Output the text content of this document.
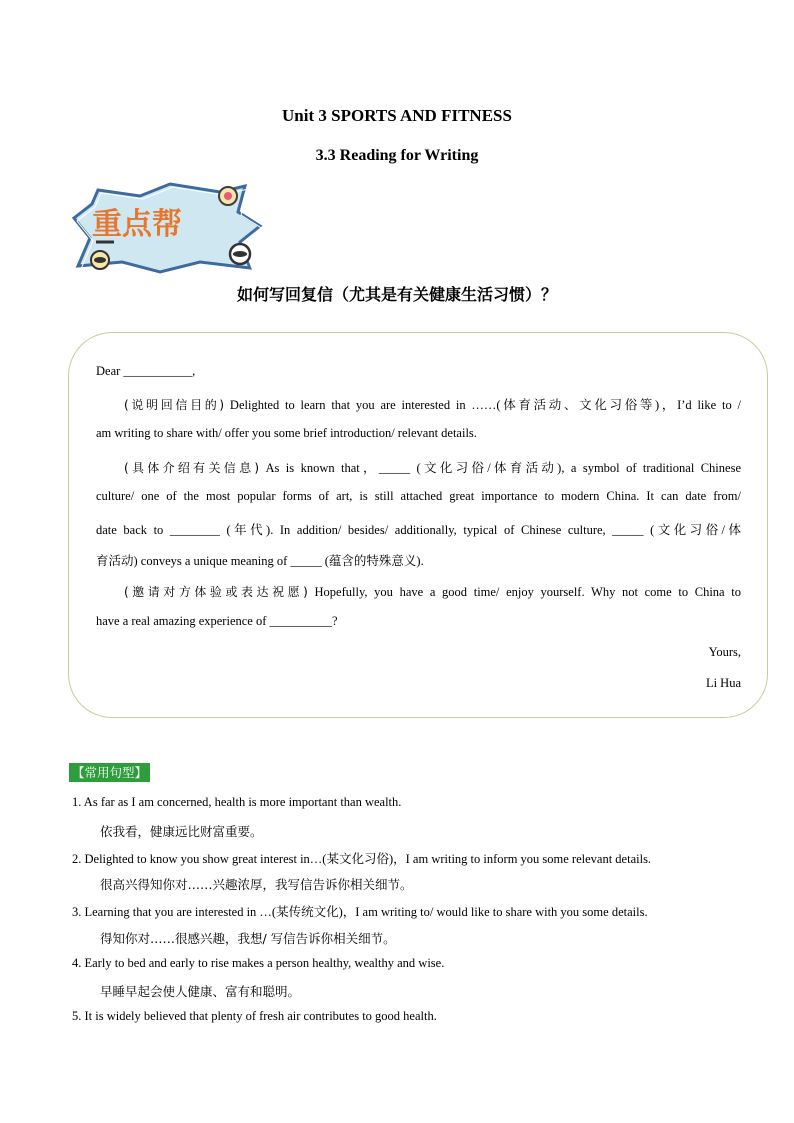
Unit 3 SPORTS AND FITNESS
3.3 Reading for Writing
重点帮
如何写回复信（尤其是有关健康生活习惯）？
Dear ___________,
(说明回信目的) Delighted to learn that you are interested in ……(体育活动、文化习俗等)，I’d like to /
am writing to share with/ offer you some brief introduction/ relevant details.
(具体介绍有关信息) As is known that，_____ (文化习俗/体育活动), a symbol of traditional Chinese
culture/ one of the most popular forms of art, is still attached great importance to modern China. It can date from/
date back to ________ (年代). In addition/ besides/ additionally, typical of Chinese culture, _____ (文化习俗/体
育活动) conveys a unique meaning of _____ (蕴含的特殊意义).
(邀请对方体验或表达祝愿) Hopefully, you have a good time/ enjoy yourself. Why not come to China to
have a real amazing experience of __________?
Yours,
Li Hua
【常用句型】
1. As far as I am concerned, health is more important than wealth.
依我看，健康远比财富重要。
2. Delighted to know you show great interest in…(某文化习俗)，I am writing to inform you some relevant details.
很高兴得知你对……兴趣浓厚，我写信告诉你相关细节。
3. Learning that you are interested in …(某传统文化)，I am writing to/ would like to share with you some details.
得知你对……很感兴趣，我想/ 写信告诉你相关细节。
4. Early to bed and early to rise makes a person healthy, wealthy and wise.
早睡早起会使人健康、富有和聪明。
5. It is widely believed that plenty of fresh air contributes to good health.
